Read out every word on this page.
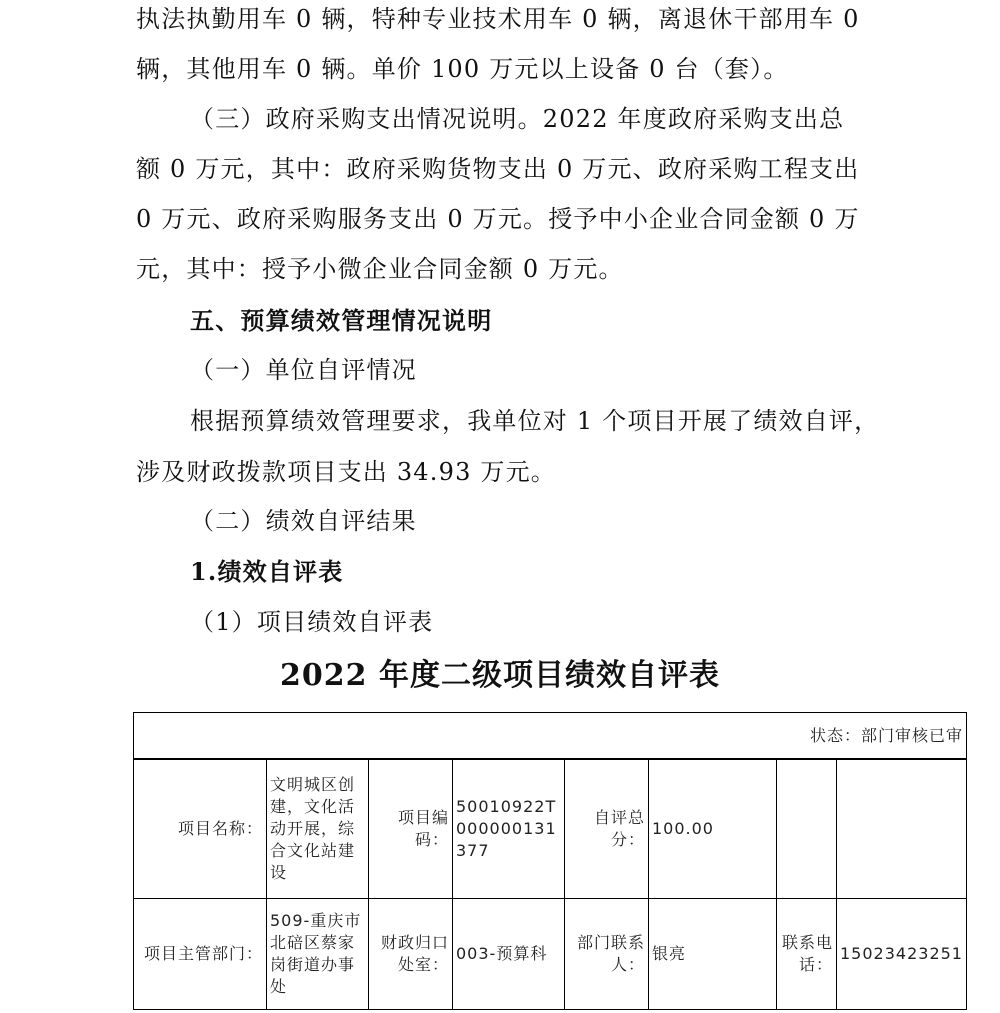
执法执勤用车 0 辆，特种专业技术用车 0 辆，离退休干部用车 0
辆，其他用车 0 辆。单价 100 万元以上设备 0 台（套）。
（三）政府采购支出情况说明。2022 年度政府采购支出总
额 0 万元，其中：政府采购货物支出 0 万元、政府采购工程支出
0 万元、政府采购服务支出 0 万元。授予中小企业合同金额 0 万
元，其中：授予小微企业合同金额 0 万元。
五、预算绩效管理情况说明
（一）单位自评情况
根据预算绩效管理要求，我单位对 1 个项目开展了绩效自评，
涉及财政拨款项目支出 34.93 万元。
（二）绩效自评结果
1.绩效自评表
（1）项目绩效自评表
2022 年度二级项目绩效自评表
状态：部门审核已审							
项目名称：	文明城区创建，文化活动开展，综合文化站建设	项目编码：	50010922T000000131377	自评总分：	100.00		
项目主管部门：	509-重庆市北碚区蔡家岗街道办事处	财政归口处室：	003-预算科	部门联系人：	银亮	联系电话：	15023423251
